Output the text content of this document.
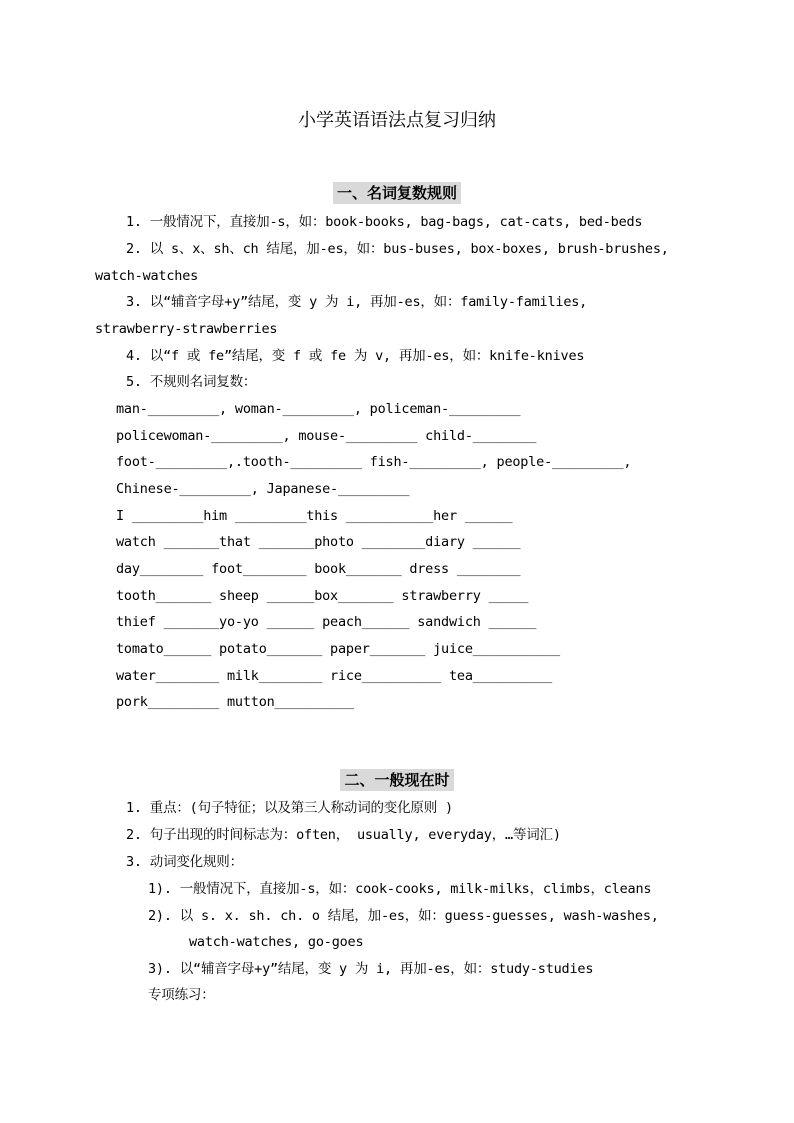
小学英语语法点复习归纳
一、名词复数规则
1. 一般情况下，直接加-s，如：book-books, bag-bags, cat-cats, bed-beds
2. 以 s、x、sh、ch 结尾，加-es，如：bus-buses, box-boxes, brush-brushes,
watch-watches
3. 以“辅音字母+y”结尾，变 y 为 i, 再加-es，如：family-families,
strawberry-strawberries
4. 以“f 或 fe”结尾，变 f 或 fe 为 v, 再加-es，如：knife-knives
5. 不规则名词复数：
man-_________, woman-_________, policeman-_________
policewoman-_________, mouse-_________ child-________
foot-_________,.tooth-_________ fish-_________, people-_________,
Chinese-_________, Japanese-_________
I _________him _________this ___________her ______
watch _______that _______photo ________diary ______
day________ foot________ book_______ dress ________
tooth_______ sheep ______box_______ strawberry _____
thief _______yo-yo ______ peach______ sandwich ______
tomato______ potato_______ paper_______ juice___________
water________ milk________ rice__________ tea__________
pork_________ mutton__________
二、一般现在时
1. 重点：(句子特征；以及第三人称动词的变化原则 )
2. 句子出现的时间标志为：often， usually, everyday，…等词汇)
3. 动词变化规则：
1). 一般情况下，直接加-s，如：cook-cooks, milk-milks，climbs，cleans
2). 以 s. x. sh. ch. o 结尾，加-es，如：guess-guesses, wash-washes,
watch-watches, go-goes
3). 以“辅音字母+y”结尾，变 y 为 i, 再加-es，如：study-studies
专项练习：
